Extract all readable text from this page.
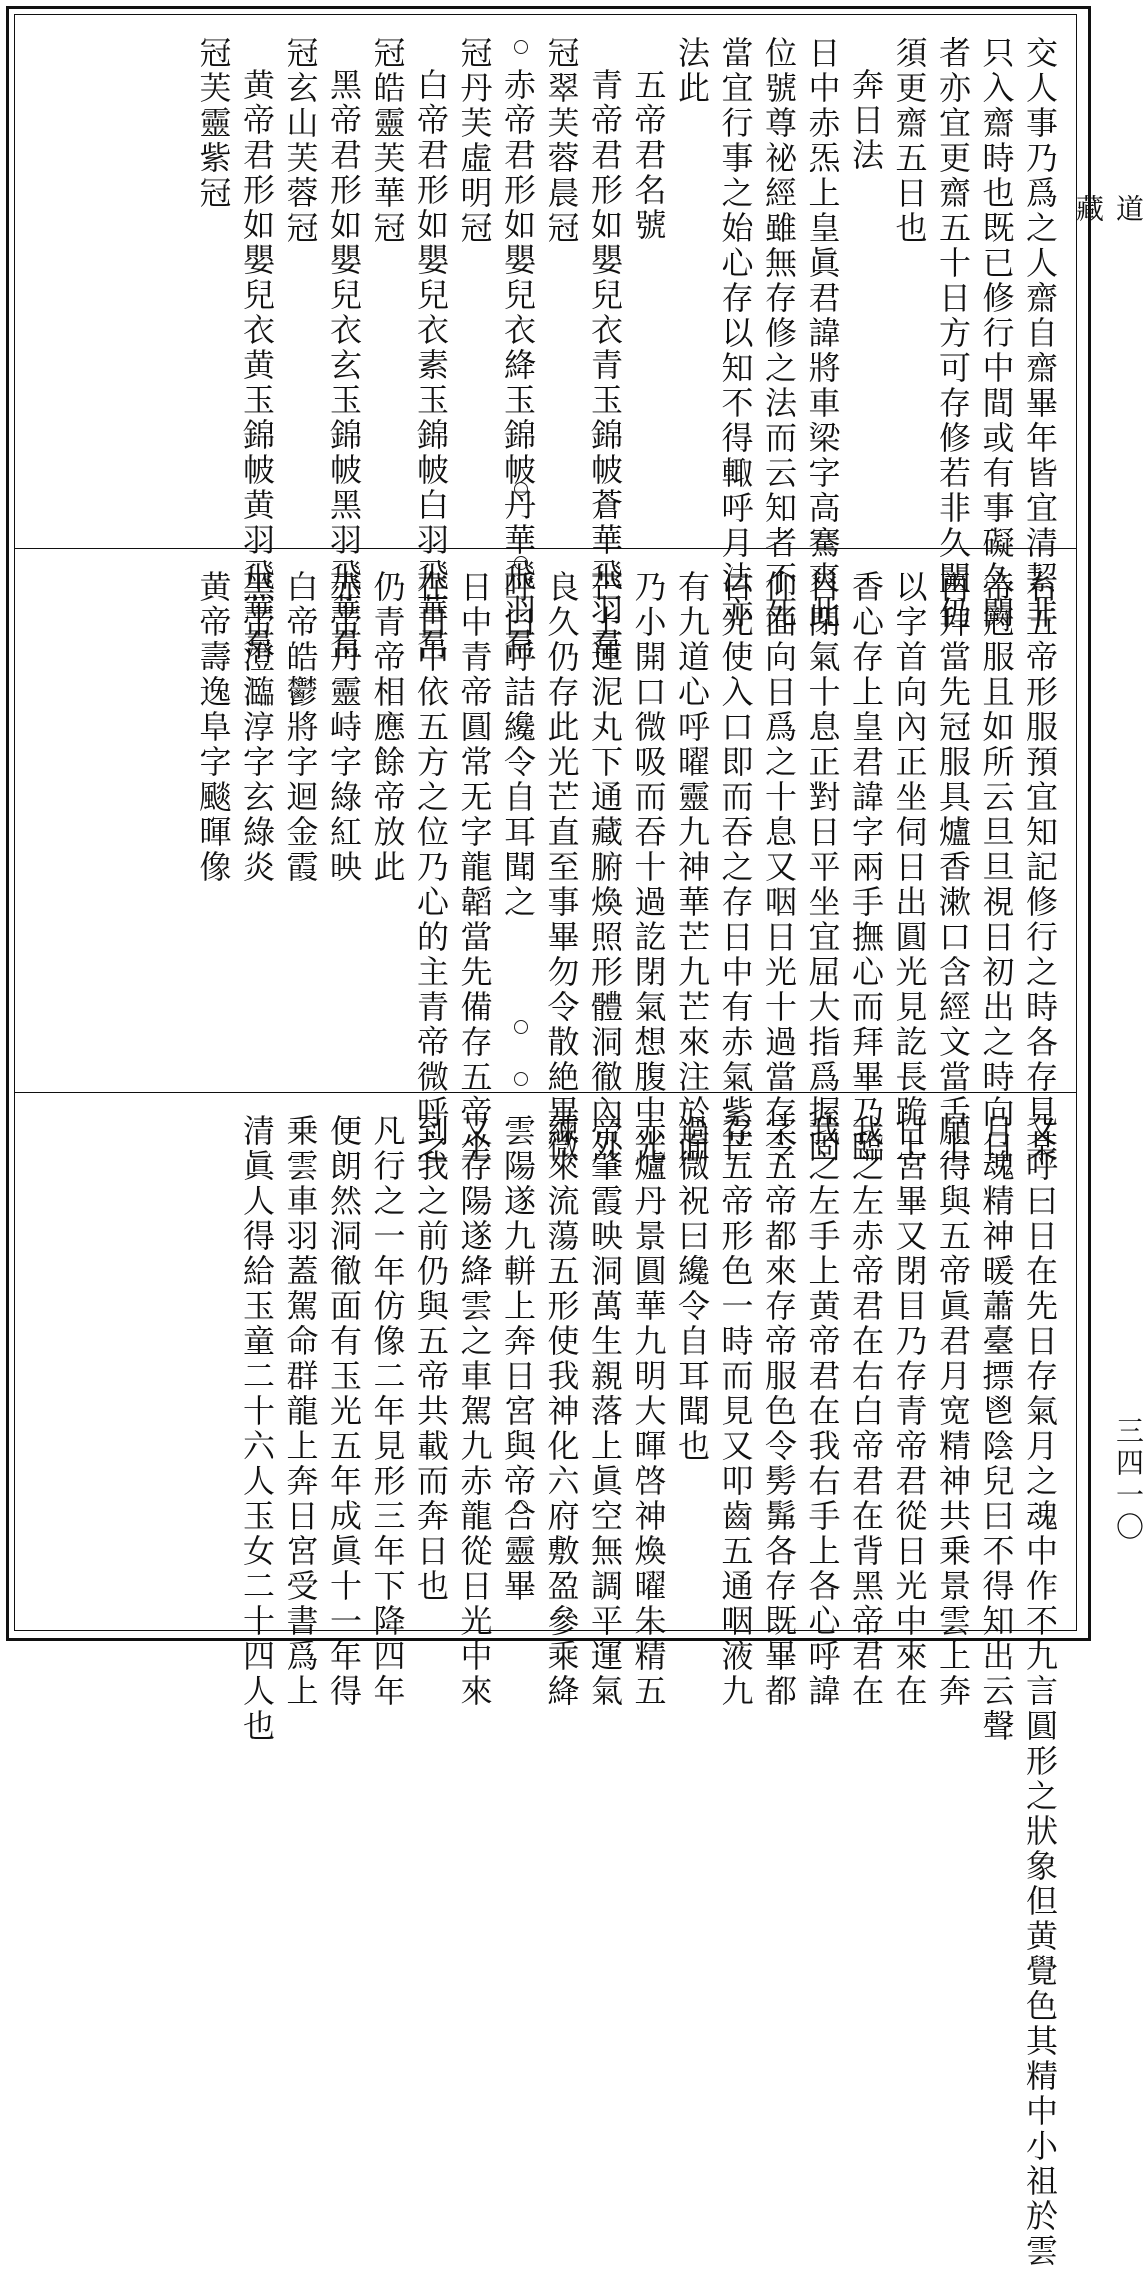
道
藏
三四一〇
交人事乃爲之人齋自齋畢年皆宜清絜非
只入齋時也既已修行中間或有事礙久闕
者亦宜更齋五十日方可存修若非久闕仍
須更齋五日也
奔日法
日中赤炁上皇眞君諱將車梁字高騫爽此
位號尊祕經雖無存修之法而云知者不死
當宜行事之始心存以知不得輙呼月法亦
法此
五帝君名號
青帝君形如嬰兒衣青玉錦帔蒼華飛羽帬
冠翠芙蓉晨冠
赤帝君形如嬰兒衣絳玉錦帔丹華飛羽帬
冠丹芙虛明冠
白帝君形如嬰兒衣素玉錦帔白羽飛華帬
冠皓靈芙華冠
黑帝君形如嬰兒衣玄玉錦帔黑羽飛華帬
冠玄山芙蓉冠
黄帝君形如嬰兒衣黄玉錦帔黄羽飛華帬
冠芙靈紫冠
右五帝形服預宜知記修行之時各存見某
帝冠服且如所云旦旦視日初出之時向日
再拜當先冠服具爐香漱口含經文當舌上
以字首向內正坐伺日出圓光見訖長跪上
香心存上皇君諱字兩手撫心而拜畢乃臨
目閉氣十息正對日平坐宜屈大指爲握固
仰面向日爲之十息又咽日光十過當存令
日光使入口即而吞之存日中有赤氣紫芒
有九道心呼曜靈九神華芒九芒來注於面
乃小開口微吸而吞十過訖閉氣想腹中光
芒上連泥丸下通藏腑煥照形體洞徹內外
良久仍存此光芒直至事畢勿令散絶畢微
呼曰呼詰纔令自耳聞之
日中青帝圓常无字龍韜當先備存五帝坐
在日中依五方之位乃心的主青帝微呼之
仍青帝相應餘帝放此
赤帝丹靈峙字綠紅映
白帝皓鬱將字迴金霞
黑帝澄瀶淳字玄綠炎
黄帝壽逸阜字颷暉像
又呼曰日在先日存氣月之魂中作不九言圓形之狀象但黄覺色其精中小祖於雲
月魂精神暖蕭臺摽鬯陰兒曰不得知出云聲
願得與五帝眞君月宽精神共乗景雲上奔
日宮畢又閉目乃存青帝君從日光中來在
我之左赤帝君在右白帝君在背黑帝君在
我之左手上黄帝君在我右手上各心呼諱
字五帝都來存帝服色令髣髴各存既畢都
存五帝形色一時而見又叩齒五通咽液九
過微祝曰纔令自耳聞也
赤爐丹景圓華九明大暉啓神煥曜朱精五
帝肇霞映洞萬生親落上眞空無調平運氣
練來流蕩五形使我神化六府敷盈參乘絳
雲陽遂九軿上奔日宮與帝合靈畢
又存陽遂絳雲之車駕九赤龍從日光中來
到我之前仍與五帝共載而奔日也
凡行之一年仿像二年見形三年下降四年
便朗然洞徹面有玉光五年成眞十一年得
乗雲車羽蓋駕命群龍上奔日宮受書爲上
清眞人得給玉童二十六人玉女二十四人也
